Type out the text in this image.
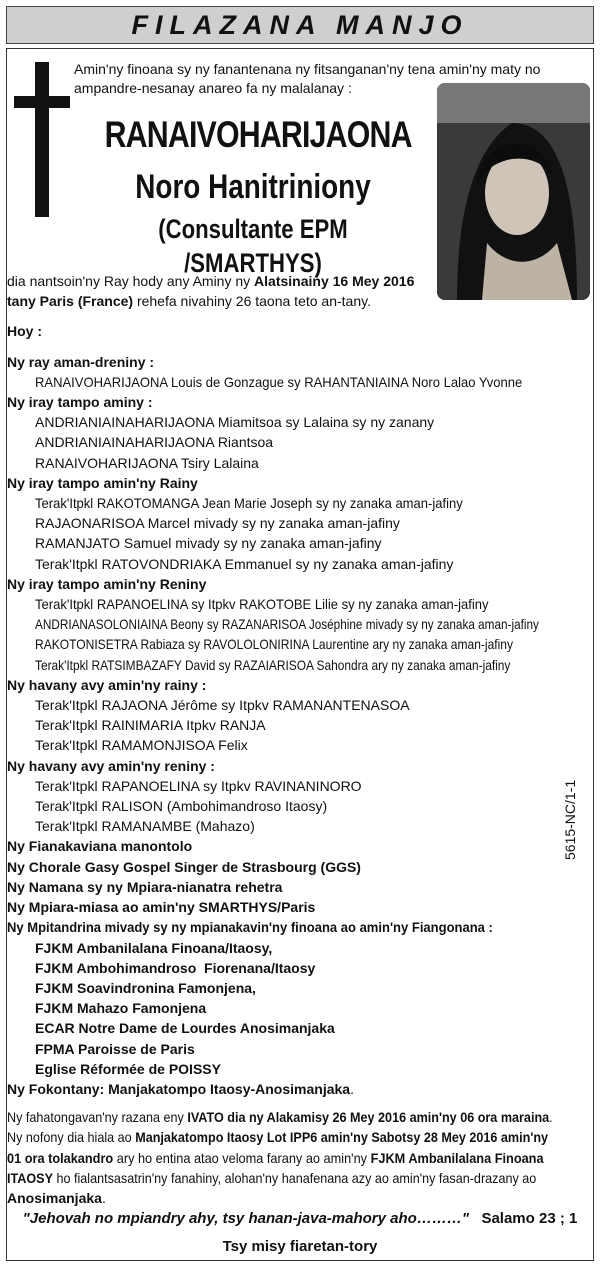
FILAZANA MANJO
Amin'ny finoana sy ny fanantenana ny fitsanganan'ny tena amin'ny maty no ampandre-nesanay anareo fa ny malalanay :
RANAIVOHARIJAONA
Noro Hanitriniony
(Consultante EPM /SMARTHYS)

dia nantsoin'ny Ray hody any Aminy ny Alatsinainy 16 Mey 2016

tany Paris (France) rehefa nivahiny 26 taona teto an-tany.

Hoy :

Ny ray aman-dreniny :

RANAIVOHARIJAONA Louis de Gonzague sy RAHANTANIAINA Noro Lalao Yvonne

Ny iray tampo aminy :

ANDRIANIAINAHARIJAONA Miamitsoa sy Lalaina sy ny zanany

ANDRIANIAINAHARIJAONA Riantsoa

RANAIVOHARIJAONA Tsiry Lalaina

Ny iray tampo amin'ny Rainy

Terak'Itpkl RAKOTOMANGA Jean Marie Joseph sy ny zanaka aman-jafiny

RAJAONARISOA Marcel mivady sy ny zanaka aman-jafiny

RAMANJATO Samuel mivady sy ny zanaka aman-jafiny

Terak'Itpkl RATOVONDRIAKA Emmanuel sy ny zanaka aman-jafiny

Ny iray tampo amin'ny Reniny

Terak'Itpkl RAPANOELINA sy Itpkv RAKOTOBE Lilie sy ny zanaka aman-jafiny

ANDRIANASOLONIAINA Beony sy RAZANARISOA Joséphine mivady sy ny zanaka aman-jafiny

RAKOTONISETRA Rabiaza sy RAVOLOLONIRINA Laurentine ary ny zanaka aman-jafiny

Terak'Itpkl RATSIMBAZAFY David sy RAZAIARISOA Sahondra ary ny zanaka aman-jafiny

Ny havany avy amin'ny rainy :

Terak'Itpkl RAJAONA Jérôme sy Itpkv RAMANANTENASOA

Terak'Itpkl RAINIMARIA Itpkv RANJA

Terak'Itpkl RAMAMONJISOA Felix

Ny havany avy amin'ny reniny :

Terak'Itpkl RAPANOELINA sy Itpkv RAVINANINORO

Terak'Itpkl RALISON (Ambohimandroso Itaosy)

Terak'Itpkl RAMANAMBE (Mahazo)

Ny Fianakaviana manontolo

Ny Chorale Gasy Gospel Singer de Strasbourg (GGS)

Ny Namana sy ny Mpiara-nianatra rehetra

Ny Mpiara-miasa ao amin'ny SMARTHYS/Paris

Ny Mpitandrina mivady sy ny mpianakavin'ny finoana ao amin'ny Fiangonana :

FJKM Ambanilalana Finoana/Itaosy,

FJKM Ambohimandroso  Fiorenana/Itaosy

FJKM Soavindronina Famonjena,

FJKM Mahazo Famonjena

ECAR Notre Dame de Lourdes Anosimanjaka

FPMA Paroisse de Paris

Eglise Réformée de POISSY

Ny Fokontany: Manjakatompo Itaosy-Anosimanjaka.

Ny fahatongavan'ny razana eny IVATO dia ny Alakamisy 26 Mey 2016 amin'ny 06 ora maraina.

Ny nofony dia hiala ao Manjakatompo Itaosy Lot IPP6 amin'ny Sabotsy 28 Mey 2016 amin'ny

01 ora tolakandro ary ho entina atao veloma farany ao amin'ny FJKM Ambanilalana Finoana

ITAOSY ho fialantsasatrin'ny fanahiny, alohan'ny hanafenana azy ao amin'ny fasan-drazany ao

Anosimanjaka.

5615-NC/1-1
"Jehovah no mpiandry ahy, tsy hanan-java-mahory aho………" Salamo 23 ; 1
Tsy misy fiaretan-tory
